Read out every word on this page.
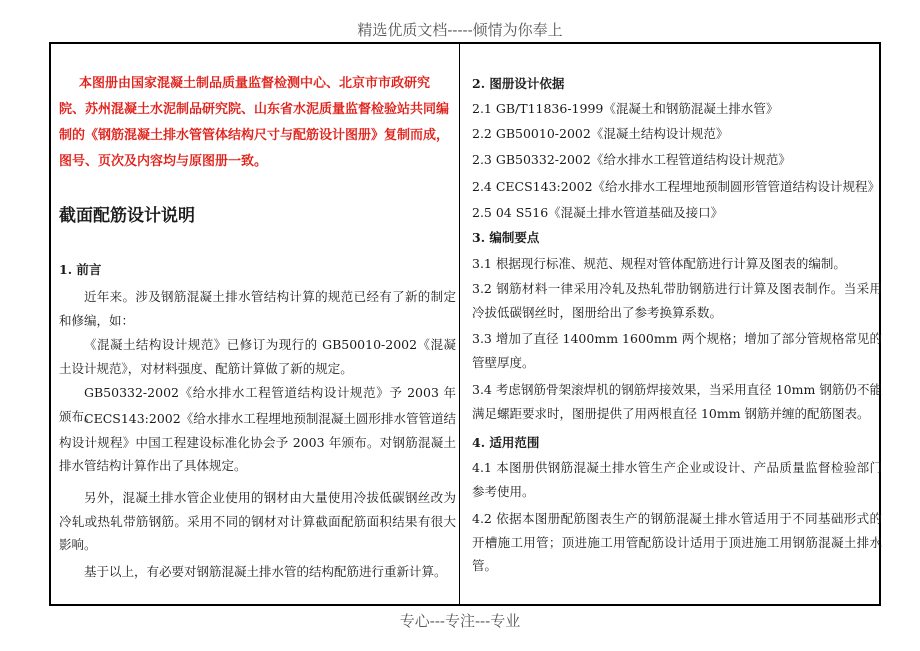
精选优质文档-----倾情为你奉上
本图册由国家混凝土制品质量监督检测中心、北京市市政研究院、苏州混凝土水泥制品研究院、山东省水泥质量监督检验站共同编制的《钢筋混凝土排水管管体结构尺寸与配筋设计图册》复制而成，图号、页次及内容均与原图册一致。
截面配筋设计说明
1. 前言
近年来。涉及钢筋混凝土排水管结构计算的规范已经有了新的制定和修编，如：
《混凝土结构设计规范》已修订为现行的 GB50010-2002《混凝土设计规范》，对材料强度、配筋计算做了新的规定。
GB50332-2002《给水排水工程管道结构设计规范》予 2003 年颁布。
CECS143:2002《给水排水工程埋地预制混凝土圆形排水管管道结构设计规程》中国工程建设标准化协会予 2003 年颁布。对钢筋混凝土排水管结构计算作出了具体规定。
另外，混凝土排水管企业使用的钢材由大量使用冷拔低碳钢丝改为冷轧或热轧带筋钢筋。采用不同的钢材对计算截面配筋面积结果有很大影响。
基于以上，有必要对钢筋混凝土排水管的结构配筋进行重新计算。
2. 图册设计依据
2.1 GB/T11836-1999《混凝土和钢筋混凝土排水管》
2.2 GB50010-2002《混凝土结构设计规范》
2.3 GB50332-2002《给水排水工程管道结构设计规范》
2.4 CECS143:2002《给水排水工程埋地预制圆形管管道结构设计规程》
2.5 04 S516《混凝土排水管道基础及接口》
3. 编制要点
3.1 根据现行标准、规范、规程对管体配筋进行计算及图表的编制。
3.2 钢筋材料一律采用冷轧及热轧带肋钢筋进行计算及图表制作。当采用冷拔低碳钢丝时，图册给出了参考换算系数。
3.3 增加了直径 1400mm 1600mm 两个规格；增加了部分管规格常见的管壁厚度。
3.4 考虑钢筋骨架滚焊机的钢筋焊接效果，当采用直径 10mm 钢筋仍不能满足螺距要求时，图册提供了用两根直径 10mm 钢筋并缠的配筋图表。
4. 适用范围
4.1 本图册供钢筋混凝土排水管生产企业或设计、产品质量监督检验部门参考使用。
4.2 依据本图册配筋图表生产的钢筋混凝土排水管适用于不同基础形式的开槽施工用管；顶进施工用管配筋设计适用于顶进施工用钢筋混凝土排水管。
专心---专注---专业
